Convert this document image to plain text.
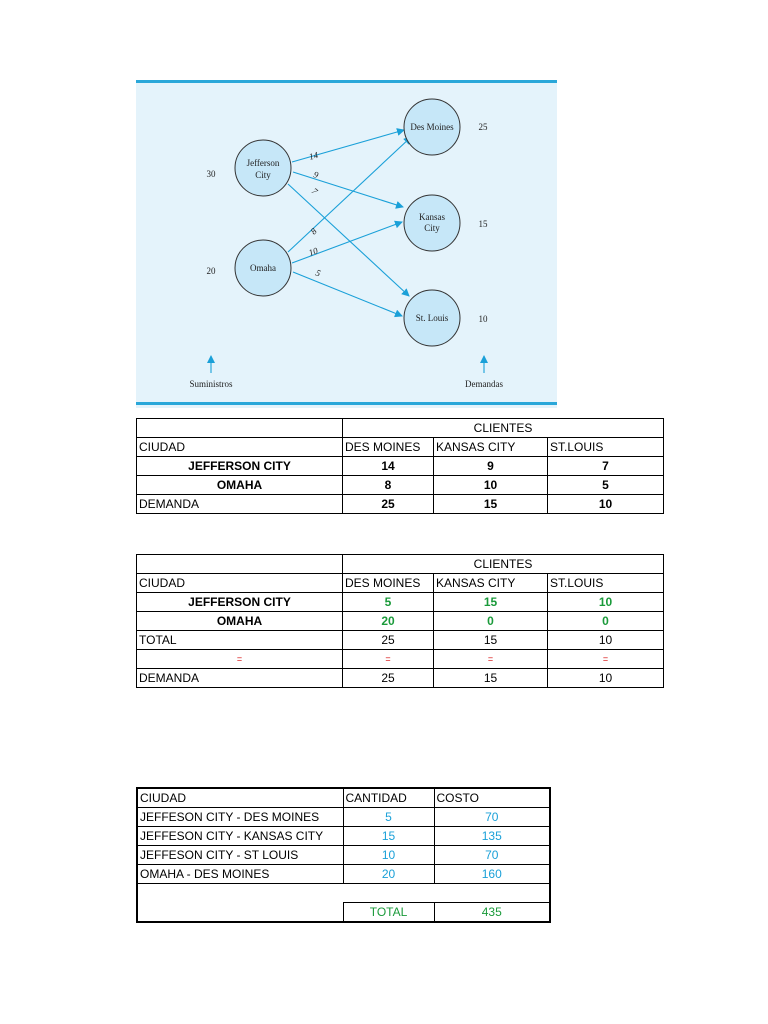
Jefferson
City
Omaha
Des Moines
Kansas
City
St. Louis
30
20
25
15
10
14
9
7
8
10
5
Suministros	Demandas
	CLIENTES		
CIUDAD	DES MOINES	KANSAS CITY	ST.LOUIS
JEFFERSON CITY	14	9	7
OMAHA	8	10	5
DEMANDA	25	15	10
	CLIENTES		
CIUDAD	DES MOINES	KANSAS CITY	ST.LOUIS
JEFFERSON CITY	5	15	10
OMAHA	20	0	0
TOTAL	25	15	10
=	=	=	=
DEMANDA	25	15	10
CIUDAD	CANTIDAD	COSTO
JEFFESON CITY - DES MOINES	5	70
JEFFESON CITY - KANSAS CITY	15	135
JEFFESON CITY - ST LOUIS	10	70
OMAHA - DES MOINES	20	160

	TOTAL	435
